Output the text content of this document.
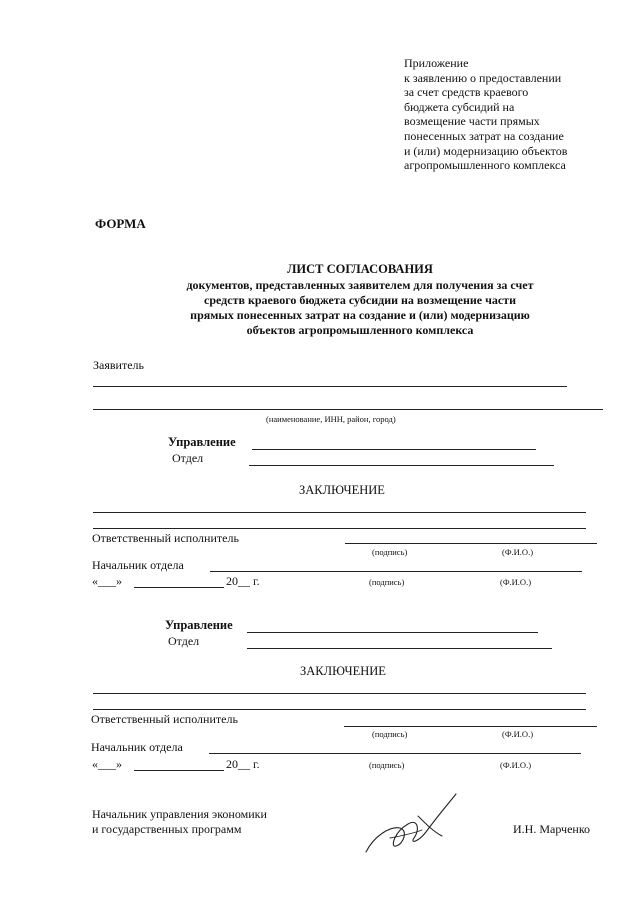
Приложение
к заявлению о предоставлении
за счет средств краевого
бюджета субсидий на
возмещение части прямых
понесенных затрат на создание
и (или) модернизацию объектов
агропромышленного комплекса
ФОРМА
ЛИСТ СОГЛАСОВАНИЯ
документов, представленных заявителем для получения за счет
средств краевого бюджета субсидии на возмещение части
прямых понесенных затрат на создание и (или) модернизацию
объектов агропромышленного комплекса
Заявитель
(наименование, ИНН, район, город)
Управление
Отдел
ЗАКЛЮЧЕНИЕ
Ответственный исполнитель
(подпись)	(Ф.И.О.)
Начальник отдела
«___»	20__ г.	(подпись)	(Ф.И.О.)
Управление
Отдел
ЗАКЛЮЧЕНИЕ
Ответственный исполнитель
(подпись)	(Ф.И.О.)
Начальник отдела
«___»	20__ г.	(подпись)	(Ф.И.О.)
Начальник управления экономики
и государственных программ	И.Н. Марченко
